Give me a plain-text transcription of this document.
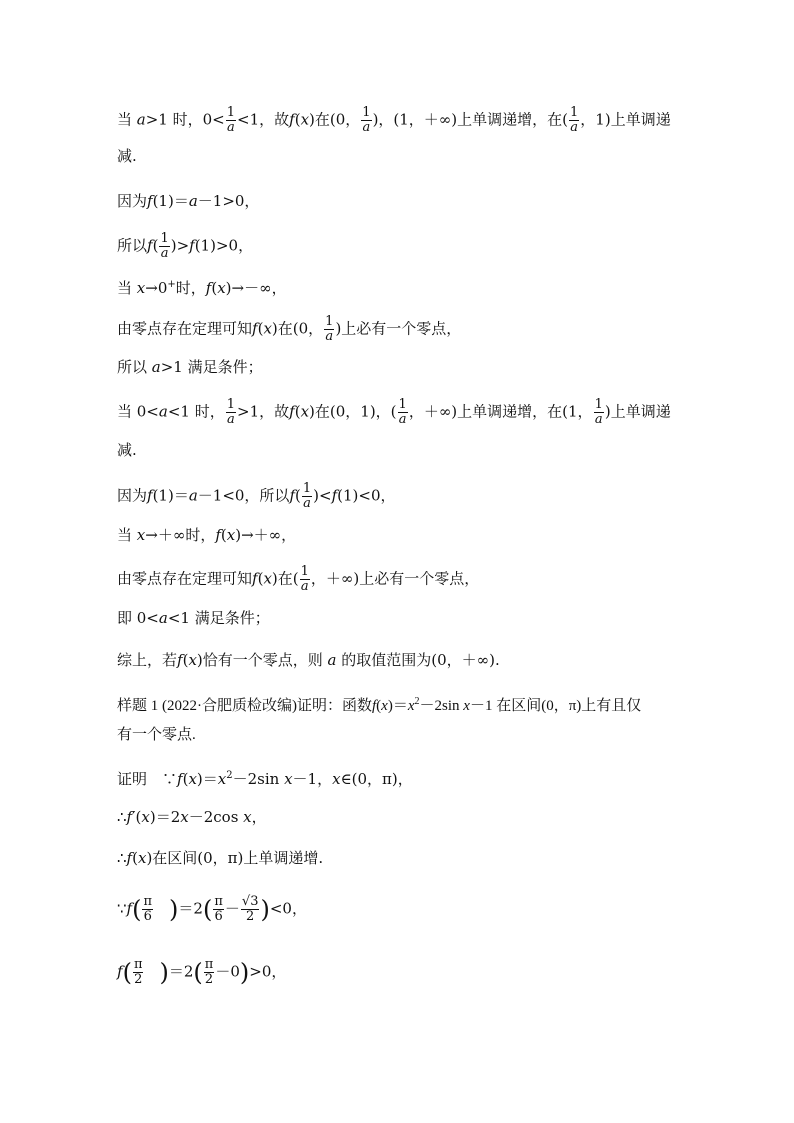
当 a>1 时，$0< \frac{1}{a} <1$，故f(x)在(0， $\frac{1}{a}$ )，(1，＋∞)上单调递增，在( $\frac{1}{a}$ ，1)上单调递
减.
因为f(1)＝a－1>0，
所以$f( \frac{1}{a} )>f(1)>0$，
当 x→0+时，f(x)→－∞，
由零点存在定理可知f(x)在(0， $\frac{1}{a}$ )上必有一个零点，
所以 a>1 满足条件；
当 0<a<1 时， $\frac{1}{a} >1$，故f(x)在(0，1)，( $\frac{1}{a}$ ，＋∞)上单调递增，在(1， $\frac{1}{a}$ )上单调递
减.
因为f(1)＝a－1<0，所以$f( \frac{1}{a} )<f(1)<0$，
当 x→＋∞时，f(x)→＋∞，
由零点存在定理可知f(x)在( $\frac{1}{a}$ ，＋∞)上必有一个零点，
即 0<a<1 满足条件；
综上，若f(x)恰有一个零点，则 a 的取值范围为(0，＋∞).
样题 1 (2022·合肥质检改编)证明：函数$f(x)=x^2-2\sin$ x－1 在区间(0，π)上有且仅
有一个零点.
证明　$\because f(x)=x^2-2\sin$ x－1，x∈(0，π)，
∴f′(x)＝2x－2cos x，
∴f(x)在区间(0，π)上单调递增.
∵f( $\frac{\pi}{6}$
　 )$=2( \frac{\pi}{6} - \frac{√3}{2} )<0$，
$f( \frac{\pi}{2}$
　 )$=2( \frac{\pi}{2} -0)>0$，
